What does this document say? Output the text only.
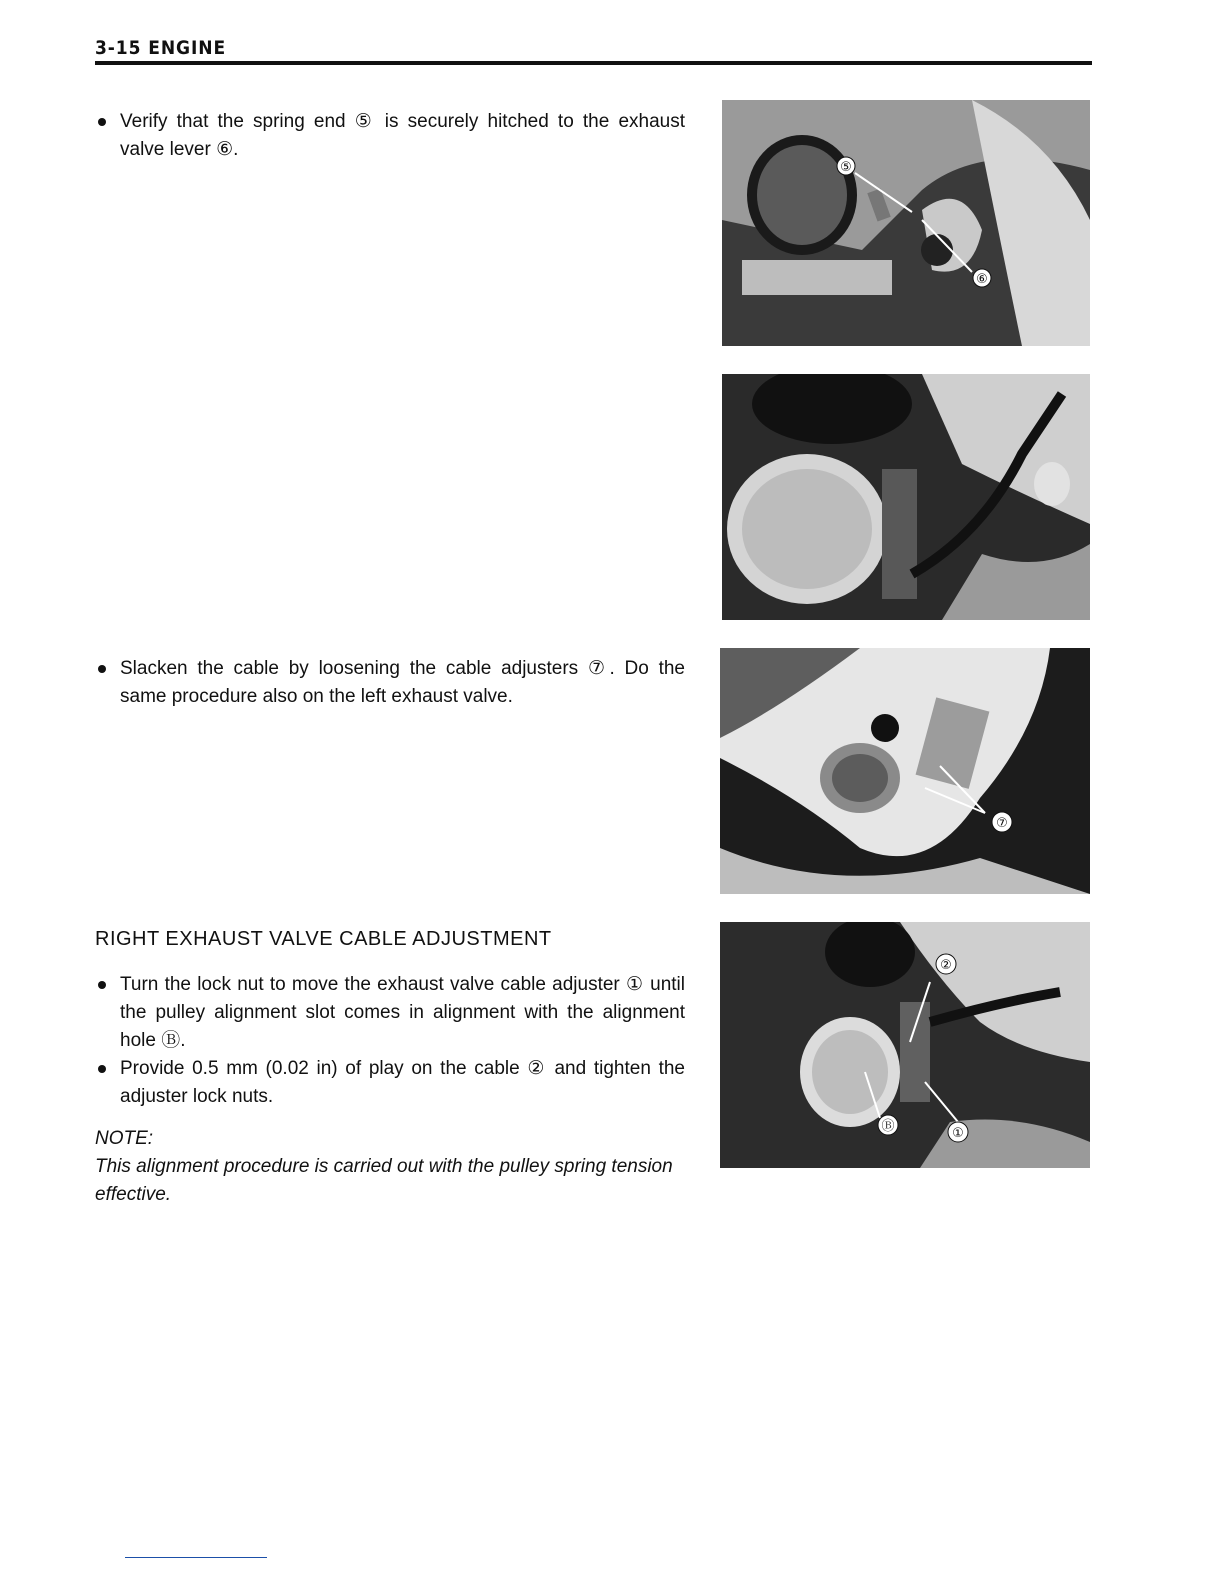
3-15 ENGINE
Verify that the spring end ⑤ is securely hitched to the exhaust valve lever ⑥.
Slacken the cable by loosening the cable adjusters ⑦. Do the same procedure also on the left exhaust valve.
RIGHT EXHAUST VALVE CABLE ADJUSTMENT
Turn the lock nut to move the exhaust valve cable adjuster ① until the pulley alignment slot comes in alignment with the alignment hole Ⓑ.
Provide 0.5 mm (0.02 in) of play on the cable ② and tighten the adjuster lock nuts.
NOTE:
This alignment procedure is carried out with the pulley spring tension effective.
⑤
⑥
⑦
②
Ⓑ	①
